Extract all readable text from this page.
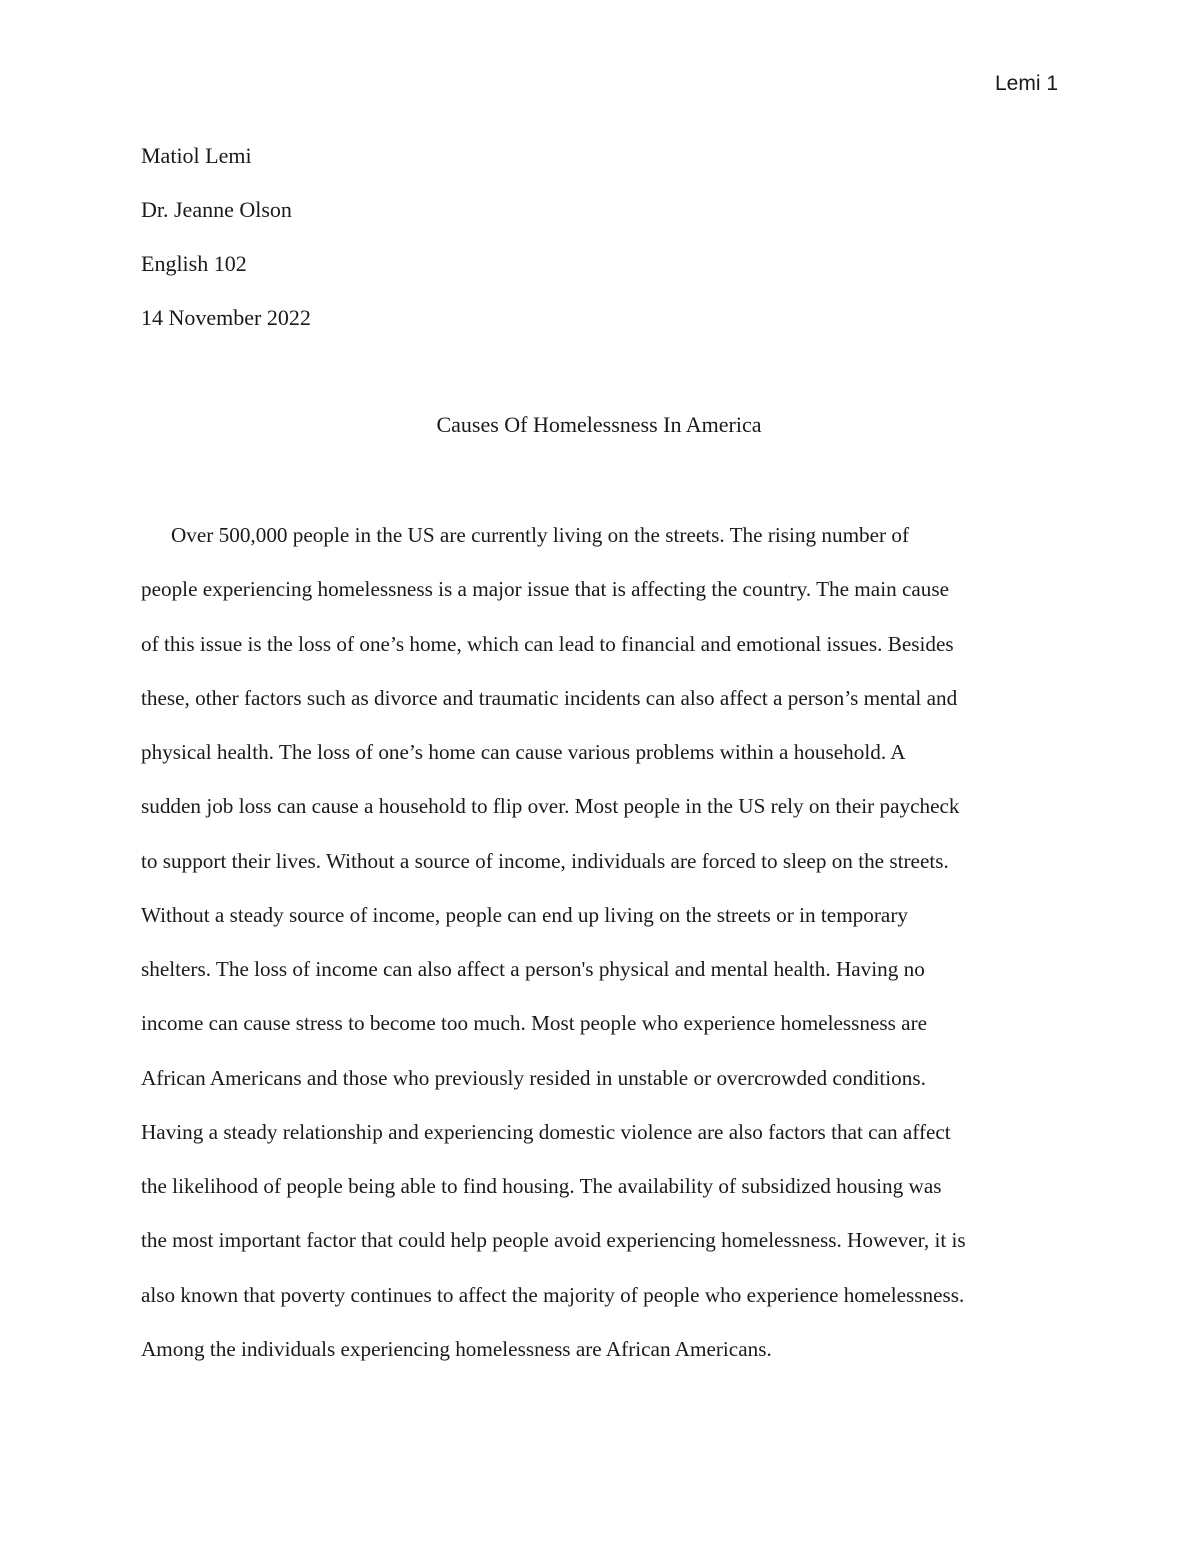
Lemi 1
Matiol Lemi
Dr. Jeanne Olson
English 102
14 November 2022
Causes Of Homelessness In America
Over 500,000 people in the US are currently living on the streets. The rising number of
people experiencing homelessness is a major issue that is affecting the country. The main cause
of this issue is the loss of one’s home, which can lead to financial and emotional issues. Besides
these, other factors such as divorce and traumatic incidents can also affect a person’s mental and
physical health. The loss of one’s home can cause various problems within a household. A
sudden job loss can cause a household to flip over. Most people in the US rely on their paycheck
to support their lives. Without a source of income, individuals are forced to sleep on the streets.
Without a steady source of income, people can end up living on the streets or in temporary
shelters. The loss of income can also affect a person's physical and mental health. Having no
income can cause stress to become too much. Most people who experience homelessness are
African Americans and those who previously resided in unstable or overcrowded conditions.
Having a steady relationship and experiencing domestic violence are also factors that can affect
the likelihood of people being able to find housing. The availability of subsidized housing was
the most important factor that could help people avoid experiencing homelessness. However, it is
also known that poverty continues to affect the majority of people who experience homelessness.
Among the individuals experiencing homelessness are African Americans.
